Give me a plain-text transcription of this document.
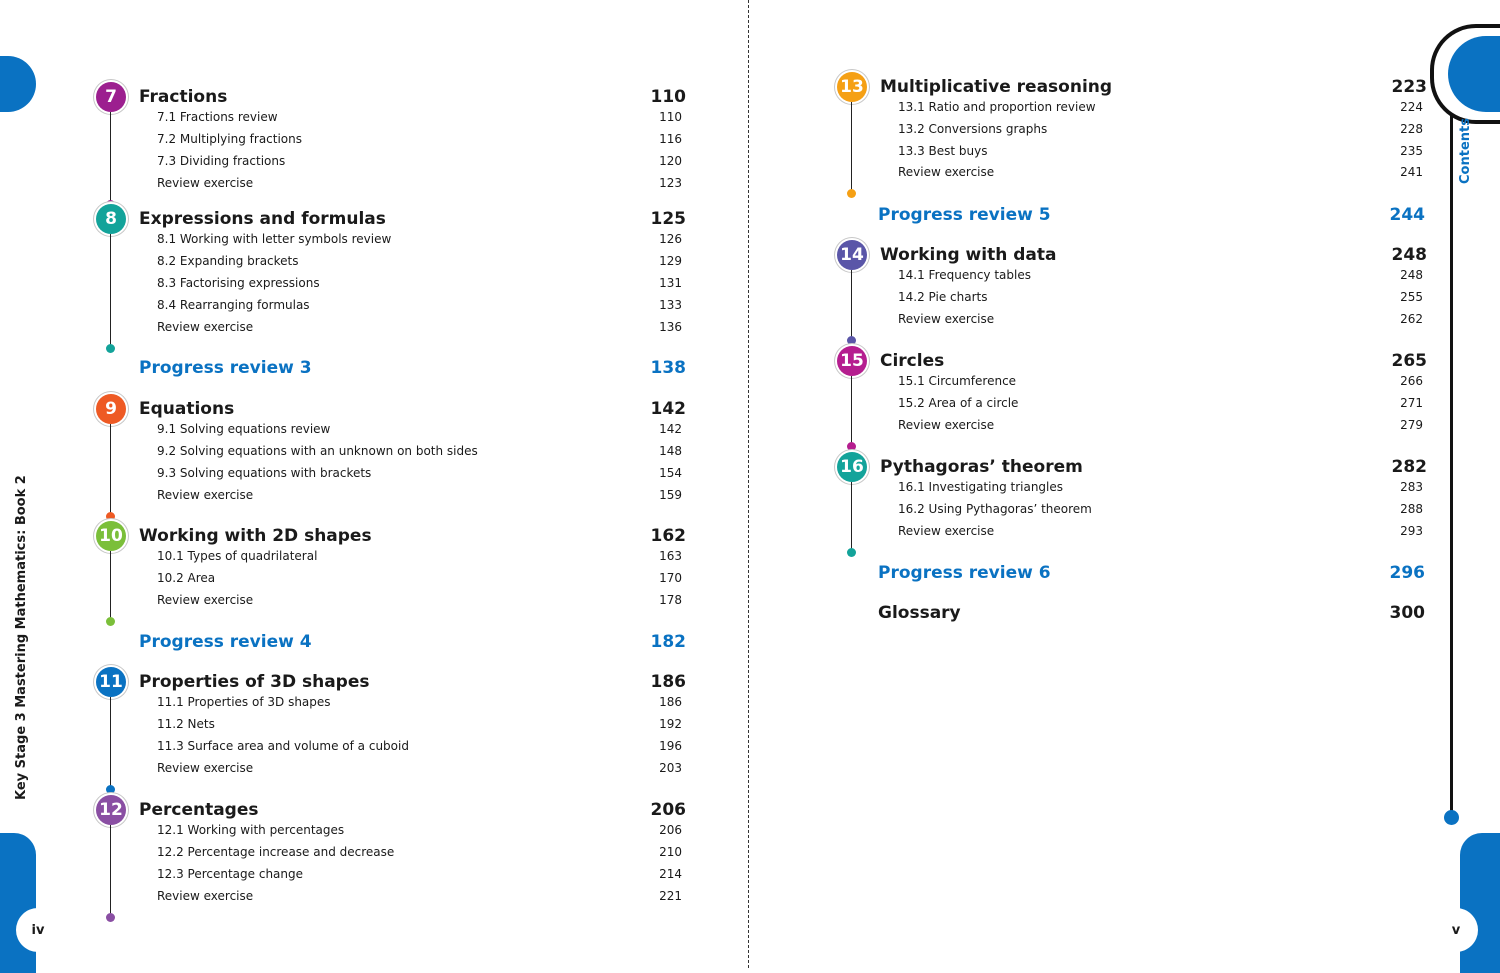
iv
Key Stage 3 Mastering Mathematics: Book 2
7	Fractions	110
7.1 Fractions review	110
7.2 Multiplying fractions	116
7.3 Dividing fractions	120
Review exercise	123
8	Expressions and formulas	125
8.1 Working with letter symbols review	126
8.2 Expanding brackets	129
8.3 Factorising expressions	131
8.4 Rearranging formulas	133
Review exercise	136
9	Equations	142
9.1 Solving equations review	142
9.2 Solving equations with an unknown on both sides	148
9.3 Solving equations with brackets	154
Review exercise	159
10 Working with 2D shapes	162
10.1 Types of quadrilateral	163
10.2 Area	170
Review exercise	178
11 Properties of 3D shapes	186
11.1 Properties of 3D shapes	186
11.2 Nets	192
11.3 Surface area and volume of a cuboid	196
Review exercise	203
12 Percentages	206
12.1 Working with percentages	206
12.2 Percentage increase and decrease	210
12.3 Percentage change	214
Review exercise	221
Progress review 3	138
Progress review 4	182
v
Glossary	300
13 Multiplicative reasoning	223
13.1 Ratio and proportion review	224
13.2 Conversions graphs	228
13.3 Best buys	235
Review exercise	241
14 Working with data	248
14.1 Frequency tables	248
14.2 Pie charts	255
Review exercise	262
15 Circles	265
15.1 Circumference	266
15.2 Area of a circle	271
Review exercise	279
16 Pythagoras’ theorem	282
16.1 Investigating triangles	283
16.2 Using Pythagoras’ theorem	288
Review exercise	293
Progress review 5	244
Progress review 6	296
Contents
